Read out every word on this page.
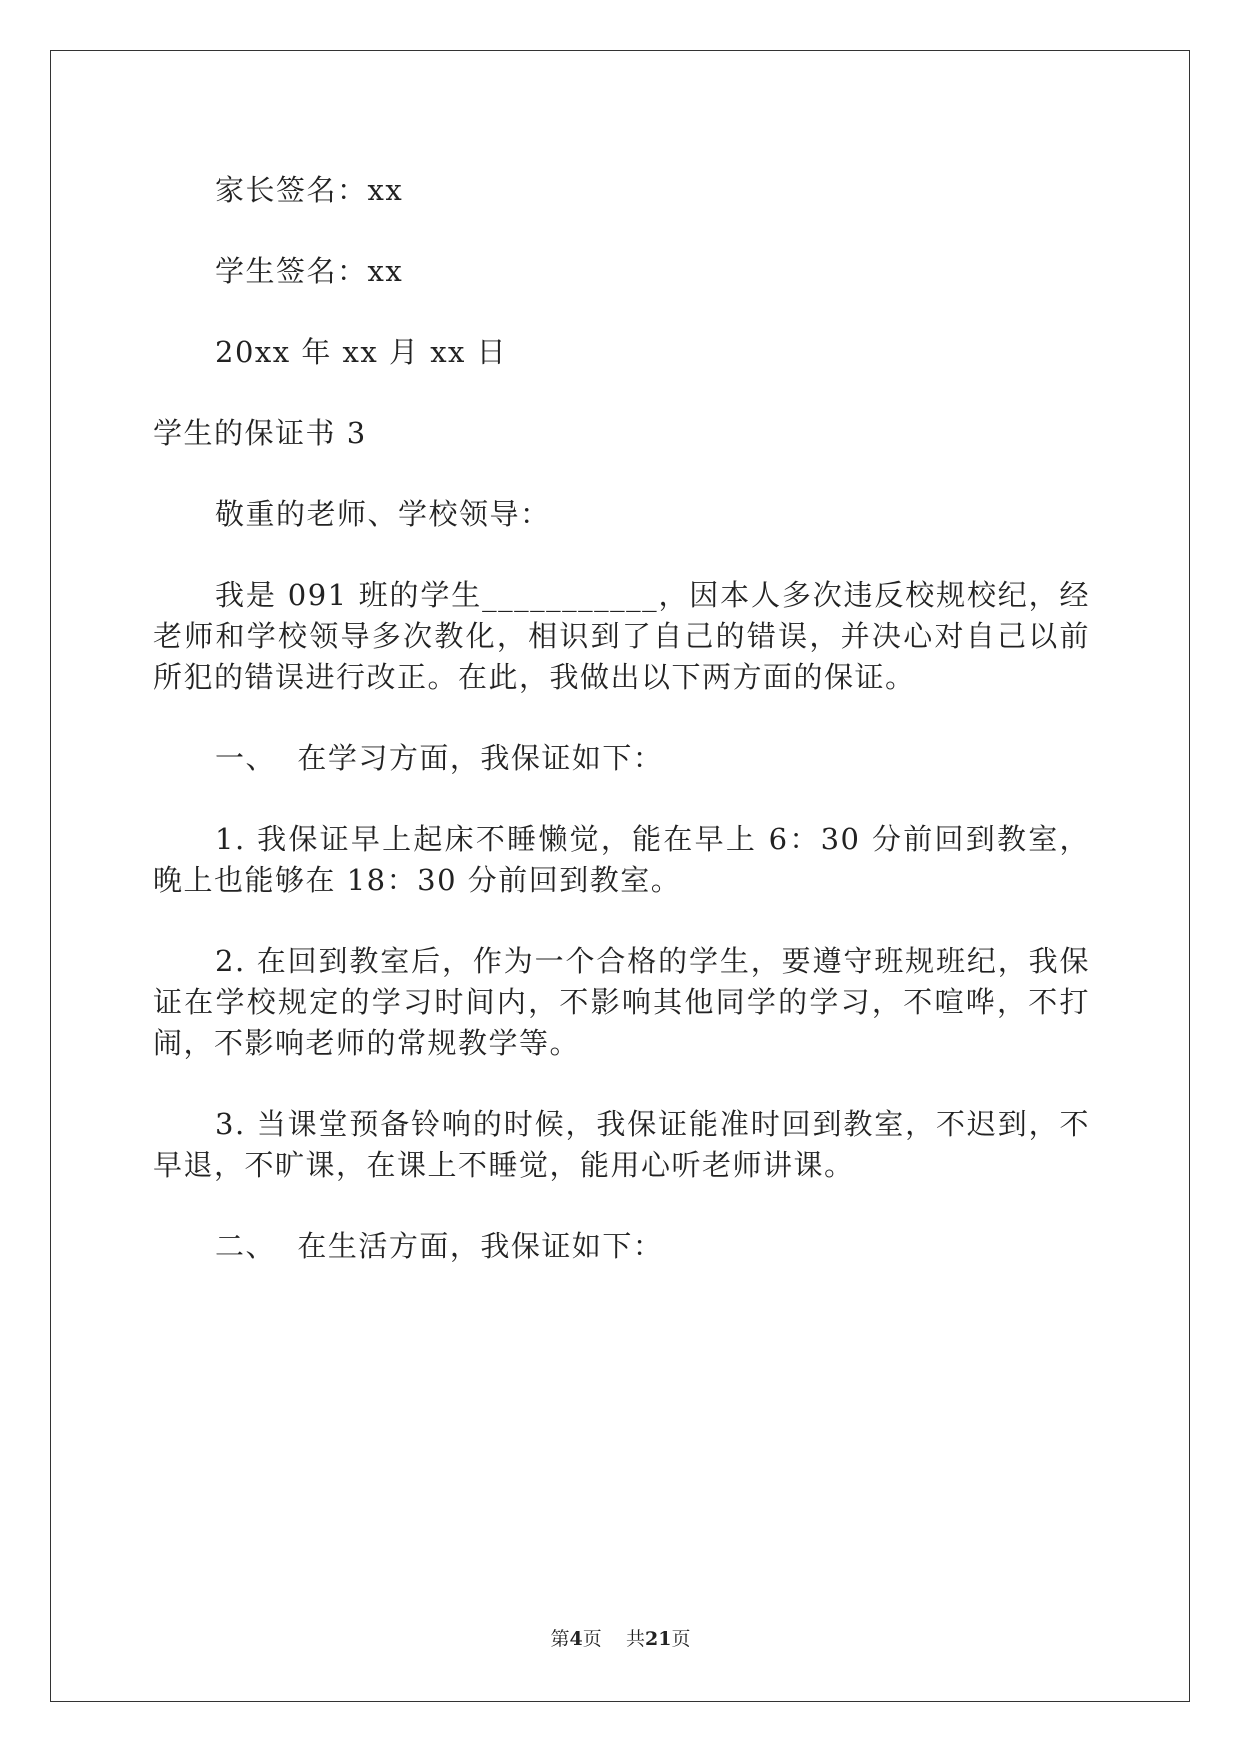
家长签名：xx

学生签名：xx

20xx 年 xx 月 xx 日

学生的保证书 3

敬重的老师、学校领导：

我是 091 班的学生___________，因本人多次违反校规校纪，经老师和学校领导多次教化，相识到了自己的错误，并决心对自己以前所犯的错误进行改正。在此，我做出以下两方面的保证。

一、  在学习方面，我保证如下：

1. 我保证早上起床不睡懒觉，能在早上 6：30 分前回到教室，晚上也能够在 18：30 分前回到教室。

2. 在回到教室后，作为一个合格的学生，要遵守班规班纪，我保证在学校规定的学习时间内，不影响其他同学的学习，不喧哗，不打闹，不影响老师的常规教学等。

3. 当课堂预备铃响的时候，我保证能准时回到教室，不迟到，不早退，不旷课，在课上不睡觉，能用心听老师讲课。

二、  在生活方面，我保证如下：

第4页 共21页
